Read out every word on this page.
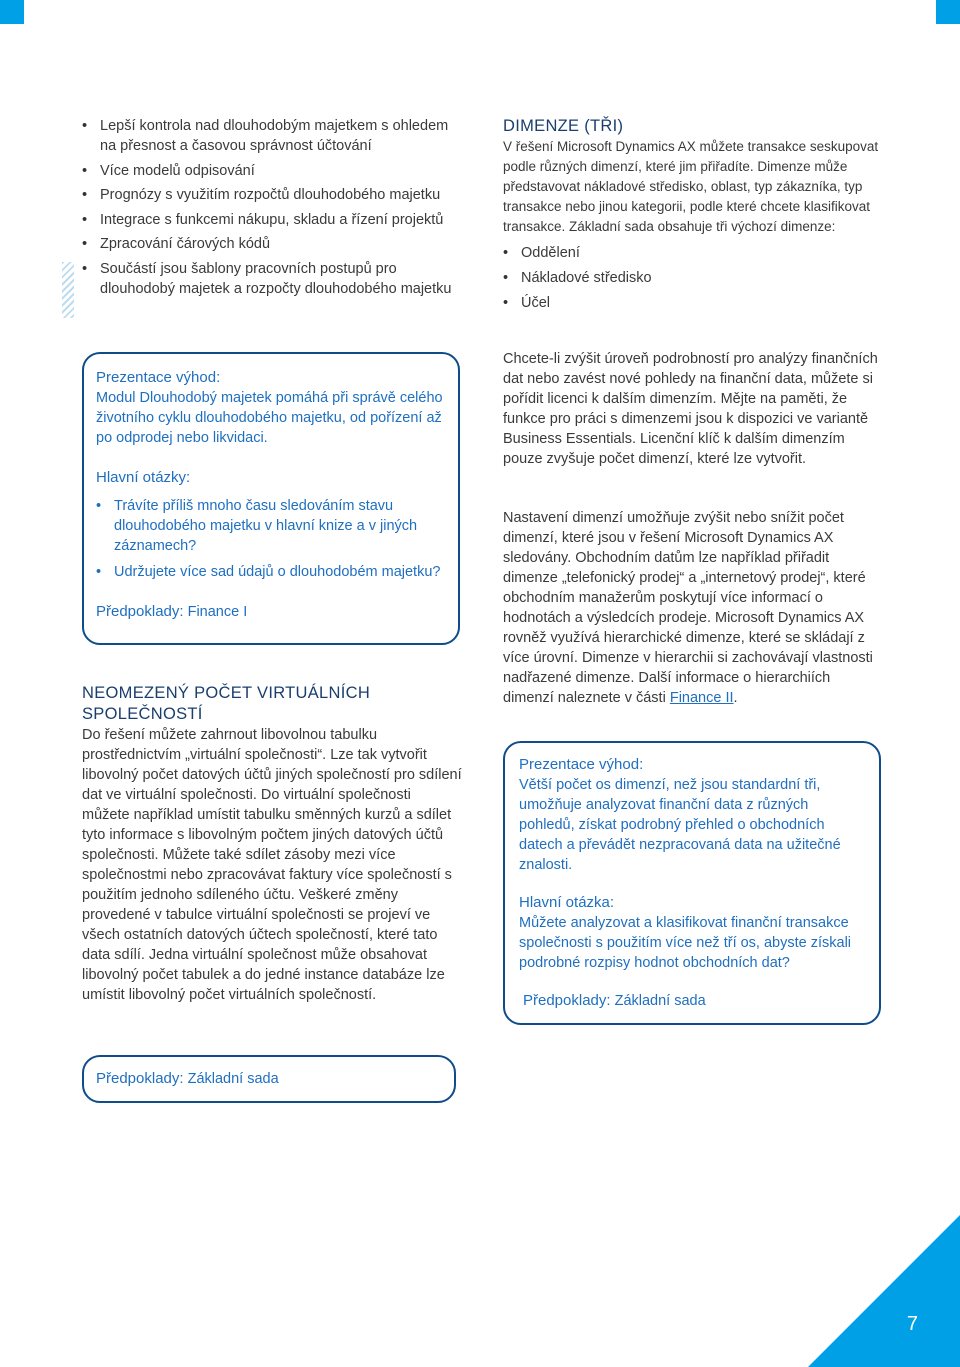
• Lepší kontrola nad dlouhodobým majetkem s ohledem na přesnost a časovou správnost účtování
• Více modelů odpisování
• Prognózy s využitím rozpočtů dlouhodobého majetku
• Integrace s funkcemi nákupu, skladu a řízení projektů
• Zpracování čárových kódů
• Součástí jsou šablony pracovních postupů pro dlouhodobý majetek a rozpočty dlouhodobého majetku
Prezentace výhod:
Modul Dlouhodobý majetek pomáhá při správě celého životního cyklu dlouhodobého majetku, od pořízení až po odprodej nebo likvidaci.
Hlavní otázky:
• Trávíte příliš mnoho času sledováním stavu dlouhodobého majetku v hlavní knize a v jiných záznamech?
• Udržujete více sad údajů o dlouhodobém majetku?
Předpoklady: Finance I
NEOMEZENÝ POČET VIRTUÁLNÍCH SPOLEČNOSTÍ
Do řešení můžete zahrnout libovolnou tabulku prostřednictvím „virtuální společnosti“. Lze tak vytvořit libovolný počet datových účtů jiných společností pro sdílení dat ve virtuální společnosti. Do virtuální společnosti můžete například umístit tabulku směnných kurzů a sdílet tyto informace s libovolným počtem jiných datových účtů společnosti. Můžete také sdílet zásoby mezi více společnostmi nebo zpracovávat faktury více společností s použitím jednoho sdíleného účtu. Veškeré změny provedené v tabulce virtuální společnosti se projeví ve všech ostatních datových účtech společností, které tato data sdílí. Jedna virtuální společnost může obsahovat libovolný počet tabulek a do jedné instance databáze lze umístit libovolný počet virtuálních společností.
Předpoklady: Základní sada
DIMENZE (TŘI)
V řešení Microsoft Dynamics AX můžete transakce seskupovat podle různých dimenzí, které jim přiřadíte. Dimenze může představovat nákladové středisko, oblast, typ zákazníka, typ transakce nebo jinou kategorii, podle které chcete klasifikovat transakce. Základní sada obsahuje tři výchozí dimenze:
• Oddělení
• Nákladové středisko
• Účel
Chcete-li zvýšit úroveň podrobností pro analýzy finančních dat nebo zavést nové pohledy na finanční data, můžete si pořídit licenci k dalším dimenzím. Mějte na paměti, že funkce pro práci s dimenzemi jsou k dispozici ve variantě Business Essentials. Licenční klíč k dalším dimenzím pouze zvyšuje počet dimenzí, které lze vytvořit.
Nastavení dimenzí umožňuje zvýšit nebo snížit počet dimenzí, které jsou v řešení Microsoft Dynamics AX sledovány. Obchodním datům lze například přiřadit dimenze „telefonický prodej“ a „internetový prodej“, které obchodním manažerům poskytují více informací o hodnotách a výsledcích prodeje. Microsoft Dynamics AX rovněž využívá hierarchické dimenze, které se skládají z více úrovní. Dimenze v hierarchii si zachovávají vlastnosti nadřazené dimenze. Další informace o hierarchiích dimenzí naleznete v části Finance II.
Prezentace výhod:
Větší počet os dimenzí, než jsou standardní tři, umožňuje analyzovat finanční data z různých pohledů, získat podrobný přehled o obchodních datech a převádět nezpracovaná data na užitečné znalosti.
Hlavní otázka:
Můžete analyzovat a klasifikovat finanční transakce společnosti s použitím více než tří os, abyste získali podrobné rozpisy hodnot obchodních dat?
Předpoklady: Základní sada
7
